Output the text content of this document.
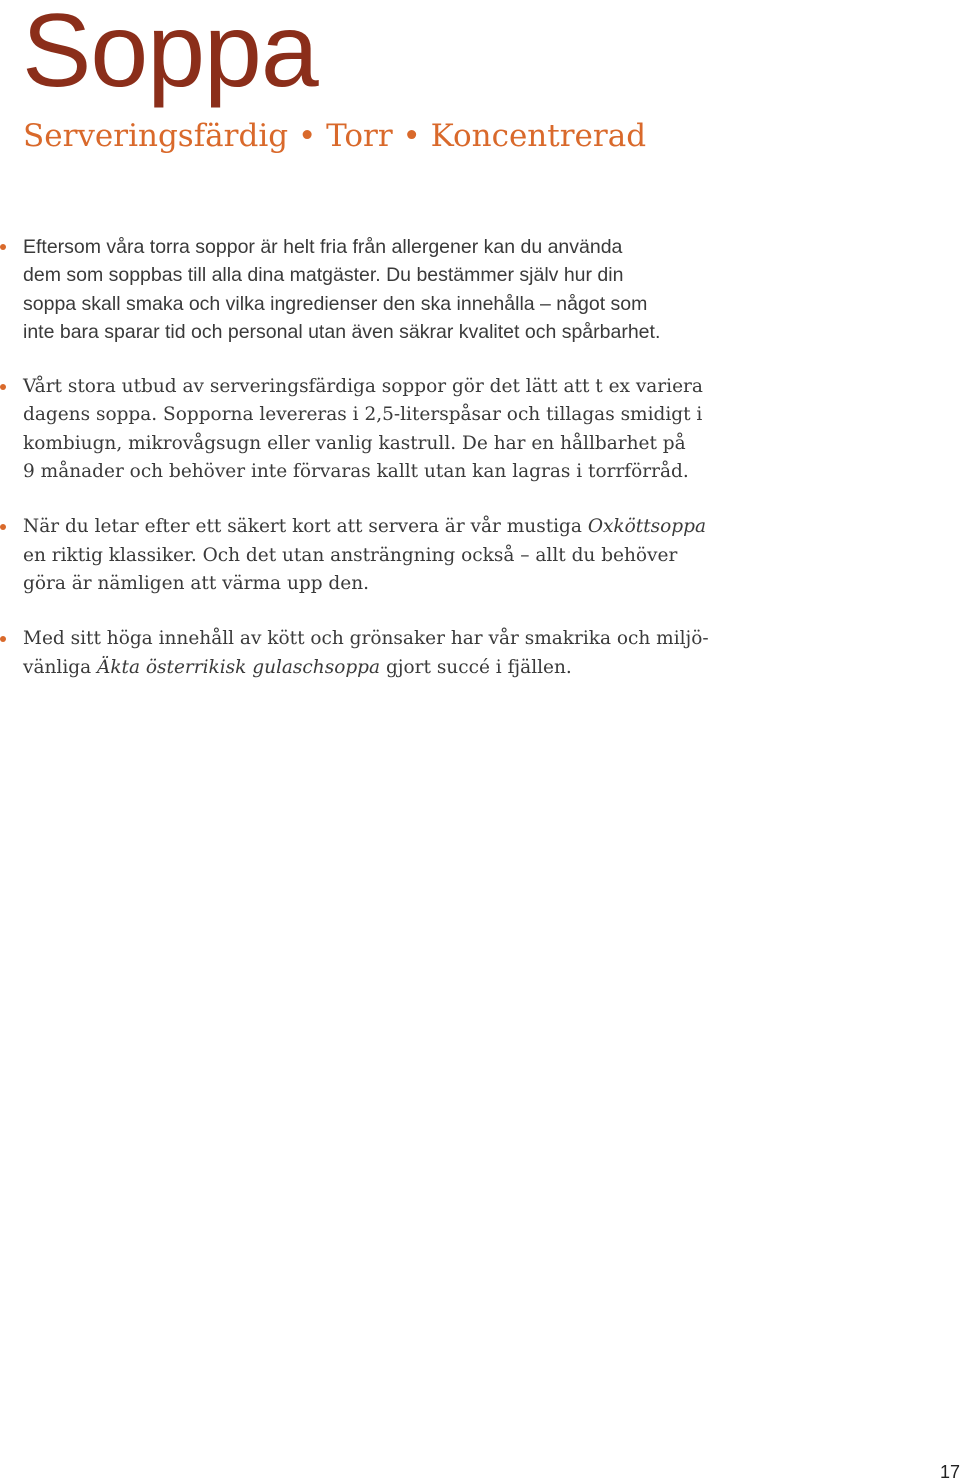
Soppa
Serveringsfärdig • Torr • Koncentrerad
Eftersom våra torra soppor är helt fria från allergener kan du använda
dem som soppbas till alla dina matgäster. Du bestämmer själv hur din
soppa skall smaka och vilka ingredienser den ska innehålla – något som
inte bara sparar tid och personal utan även säkrar kvalitet och spårbarhet.
Vårt stora utbud av serveringsfärdiga soppor gör det lätt att t ex variera
dagens soppa. Sopporna levereras i 2,5-literspåsar och tillagas smidigt i
kombiugn, mikrovågsugn eller vanlig kastrull. De har en hållbarhet på
9 månader och behöver inte förvaras kallt utan kan lagras i torrförråd.
När du letar efter ett säkert kort att servera är vår mustiga Oxköttsoppa
en riktig klassiker. Och det utan ansträngning också – allt du behöver
göra är nämligen att värma upp den.
Med sitt höga innehåll av kött och grönsaker har vår smakrika och miljö-
vänliga Äkta österrikisk gulaschsoppa gjort succé i fjällen.
17
